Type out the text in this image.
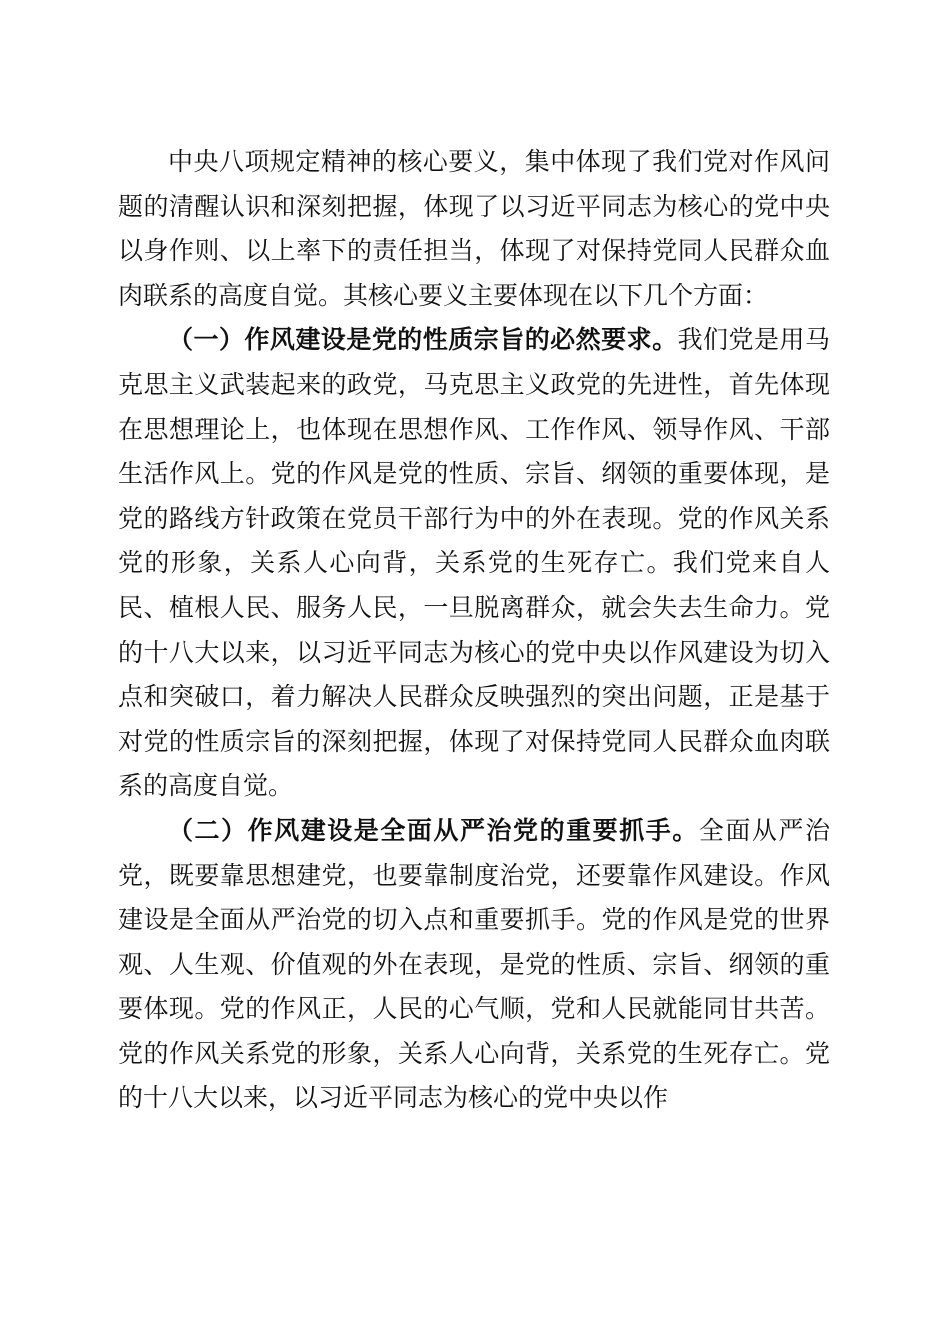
中央八项规定精神的核心要义，集中体现了我们党对作风问题的清醒认识和深刻把握，体现了以习近平同志为核心的党中央以身作则、以上率下的责任担当，体现了对保持党同人民群众血肉联系的高度自觉。其核心要义主要体现在以下几个方面：

（一）作风建设是党的性质宗旨的必然要求。我们党是用马克思主义武装起来的政党，马克思主义政党的先进性，首先体现在思想理论上，也体现在思想作风、工作作风、领导作风、干部生活作风上。党的作风是党的性质、宗旨、纲领的重要体现，是党的路线方针政策在党员干部行为中的外在表现。党的作风关系党的形象，关系人心向背，关系党的生死存亡。我们党来自人民、植根人民、服务人民，一旦脱离群众，就会失去生命力。党的十八大以来，以习近平同志为核心的党中央以作风建设为切入点和突破口，着力解决人民群众反映强烈的突出问题，正是基于对党的性质宗旨的深刻把握，体现了对保持党同人民群众血肉联系的高度自觉。

（二）作风建设是全面从严治党的重要抓手。全面从严治党，既要靠思想建党，也要靠制度治党，还要靠作风建设。作风建设是全面从严治党的切入点和重要抓手。党的作风是党的世界观、人生观、价值观的外在表现，是党的性质、宗旨、纲领的重要体现。党的作风正，人民的心气顺，党和人民就能同甘共苦。党的作风关系党的形象，关系人心向背，关系党的生死存亡。党的十八大以来，以习近平同志为核心的党中央以作
